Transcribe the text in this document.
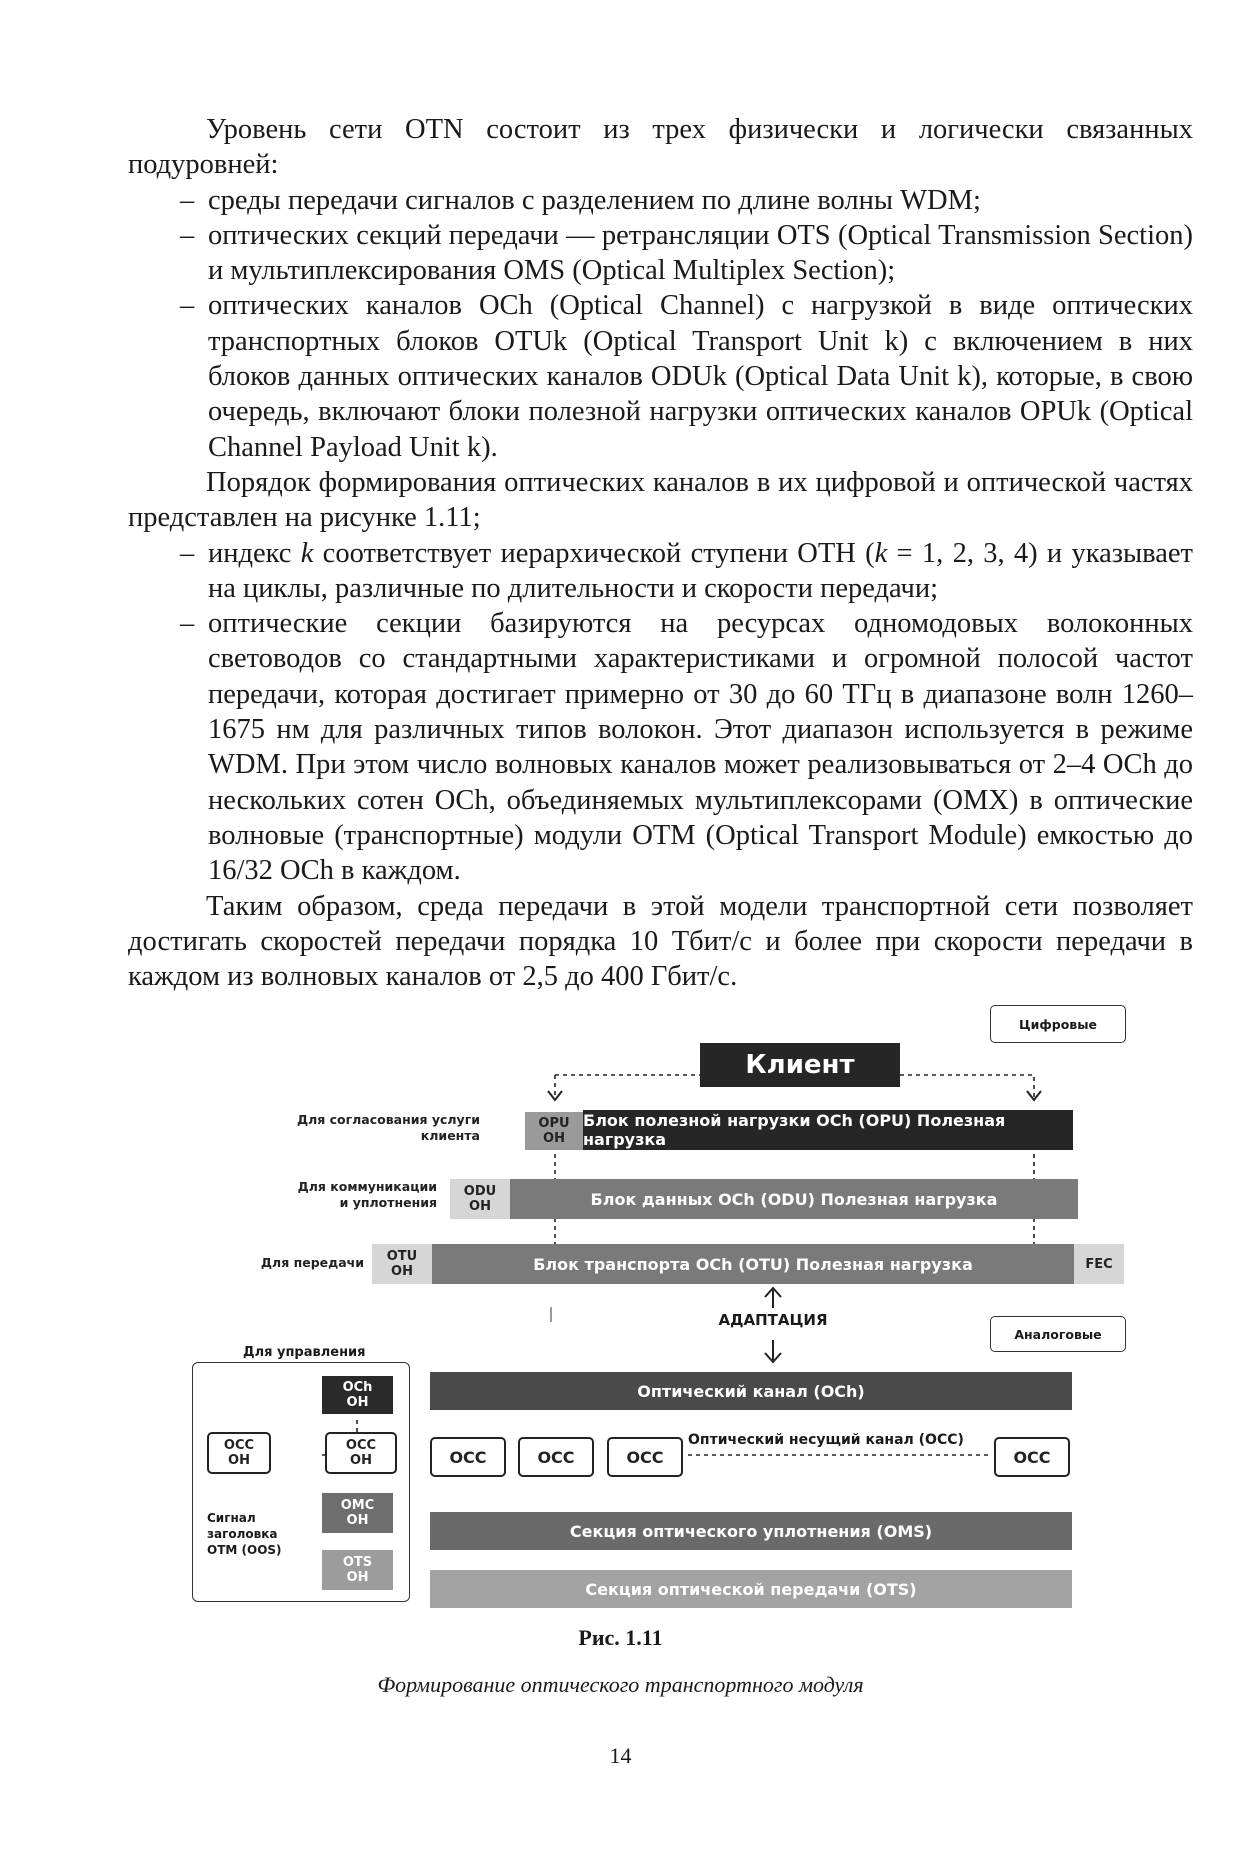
Уровень сети OTN состоит из трех физически и логически связанных подуровней:

– среды передачи сигналов с разделением по длине волны WDM;

– оптических секций передачи — ретрансляции OTS (Optical Transmission Section) и мультиплексирования OMS (Optical Multiplex Section);

– оптических каналов OCh (Optical Channel) с нагрузкой в виде оптических транспортных блоков OTUk (Optical Transport Unit k) с включением в них блоков данных оптических каналов ODUk (Optical Data Unit k), которые, в свою очередь, включают блоки полезной нагрузки оптических каналов OPUk (Optical Channel Payload Unit k).

Порядок формирования оптических каналов в их цифровой и оптической частях представлен на рисунке 1.11;

– индекс k соответствует иерархической ступени OTH (k = 1, 2, 3, 4) и указывает на циклы, различные по длительности и скорости передачи;

– оптические секции базируются на ресурсах одномодовых волоконных световодов со стандартными характеристиками и огромной полосой частот передачи, которая достигает примерно от 30 до 60 ТГц в диапазоне волн 1260–1675 нм для различных типов волокон. Этот диапазон используется в режиме WDM. При этом число волновых каналов может реализовываться от 2–4 OCh до нескольких сотен OCh, объединяемых мультиплексорами (OMX) в оптические волновые (транспортные) модули OTM (Optical Transport Module) емкостью до 16/32 OCh в каждом.

Таким образом, среда передачи в этой модели транспортной сети позволяет достигать скоростей передачи порядка 10 Тбит/с и более при скорости передачи в каждом из волновых каналов от 2,5 до 400 Гбит/с.

Цифровые
Клиент
Для согласования услуги
клиента
OPU
OH
Блок полезной нагрузки OCh (OPU) Полезная нагрузка
Для коммуникации
и уплотнения
ODU
OH	Блок данных OCh (ODU) Полезная нагрузка
Для передачи OTU
OH	Блок транспорта OCh (OTU) Полезная нагрузка	FEC
АДАПТАЦИЯ
Аналоговые
Для управления
OCh
OH
OCC
OH
OCC
OH
OMC
OH
OTS
OH
Сигнал
заголовка
OTM (OOS)
Оптический канал (OCh)
Оптический несущий канал (OCC)
OCC	OCC	OCC	OCC
Секция оптического уплотнения (OMS)
Секция оптической передачи (OTS)
Рис. 1.11
Формирование оптического транспортного модуля
14
